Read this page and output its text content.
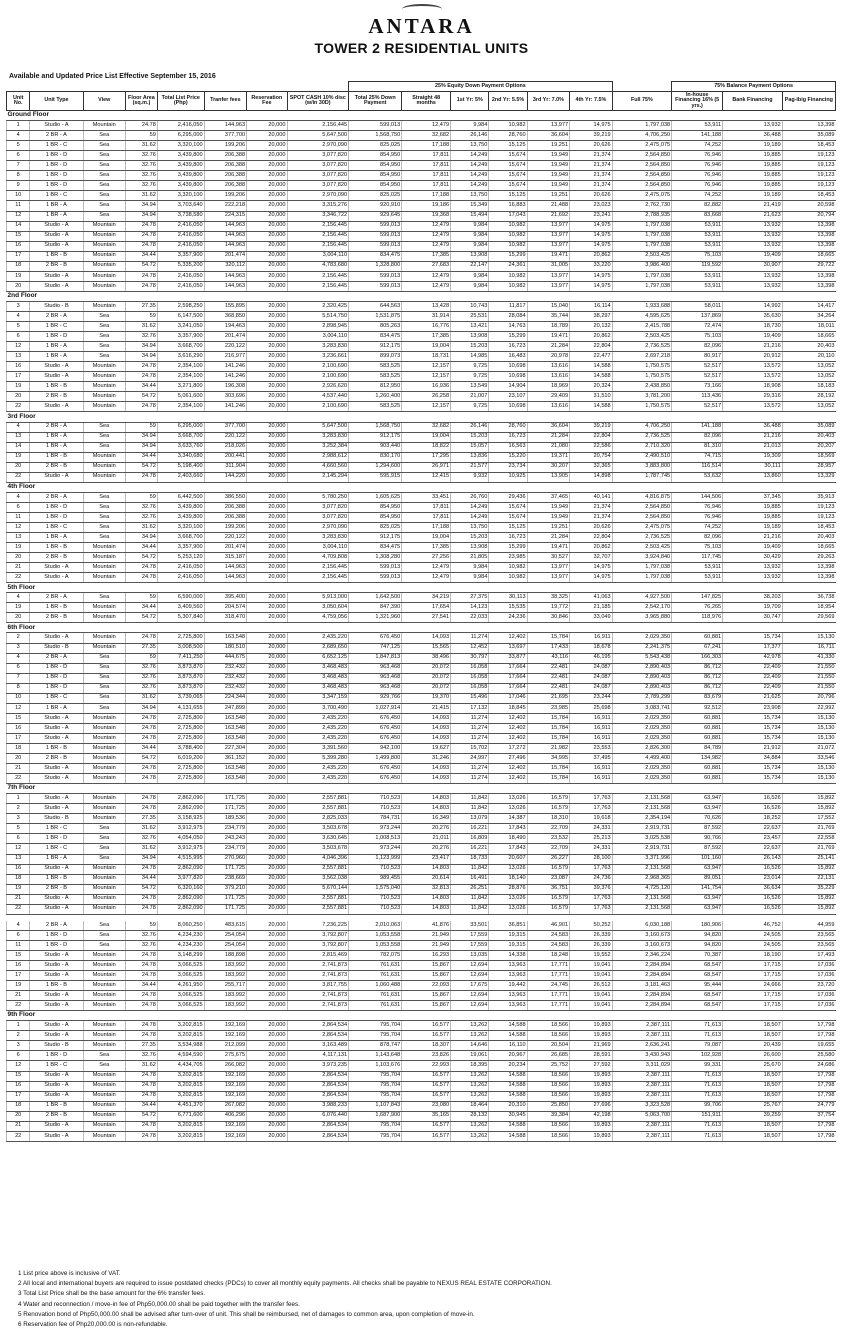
ANTARA
TOWER 2 RESIDENTIAL UNITS
Available and Updated Price List Effective September 15, 2016
								25% Equity Down Payment Options							75% Balance Payment Options		
Unit No.	Unit Type	View	Floor Area (sq.m.)	Total List Price (Php)	Tranfer fees	Reservation Fee	SPOT CASH 10% disc (w/in 30D)	Total 25% Down Payment	Straight 48 months	1st Yr: 5%	2nd Yr: 5.5%	3rd Yr: 7.0%	4th Yr: 7.5%	Full 75%	In-house Financing 16% (5 yrs.)	Bank Financing	Pag-ibig Financing
Ground Floor																	
1	Studio - A	Mountain	24.78	2,416,050	144,963	20,000	2,156,445	599,013	12,479	9,984	10,982	13,977	14,975	1,797,038	53,911	13,932	13,398
4	2 BR - A	Sea	59	6,295,000	377,700	20,000	5,647,500	1,568,750	32,682	26,146	28,760	36,604	39,219	4,706,250	141,188	36,488	35,089
5	1 BR - C	Sea	31.62	3,320,100	199,206	20,000	2,970,090	825,025	17,188	13,750	15,125	19,251	20,626	2,475,075	74,252	19,189	18,453
6	1 BR - D	Sea	32.76	3,439,800	206,388	20,000	3,077,820	854,950	17,811	14,249	15,674	19,949	21,374	2,564,850	76,946	19,885	19,123
7	1 BR - D	Sea	32.76	3,439,800	206,388	20,000	3,077,820	854,950	17,811	14,249	15,674	19,949	21,374	2,564,850	76,946	19,885	19,123
8	1 BR - D	Sea	32.76	3,439,800	206,388	20,000	3,077,820	854,950	17,811	14,249	15,674	19,949	21,374	2,564,850	76,946	19,885	19,123
9	1 BR - D	Sea	32.76	3,439,800	206,388	20,000	3,077,820	854,950	17,811	14,249	15,674	19,949	21,374	2,564,850	76,946	19,885	19,123
10	1 BR - C	Sea	31.62	3,320,100	199,206	20,000	2,970,090	825,025	17,188	13,750	15,125	19,251	20,626	2,475,075	74,252	19,189	18,453
11	1 BR - A	Sea	34.94	3,703,640	222,218	20,000	3,315,276	920,910	19,186	15,349	16,883	21,488	23,023	2,762,730	82,882	21,419	20,598
12	1 BR - A	Sea	34.94	3,738,580	224,315	20,000	3,346,722	929,645	19,368	15,494	17,043	21,692	23,241	2,788,935	83,668	21,623	20,794
14	Studio - A	Mountain	24.78	2,416,050	144,963	20,000	2,156,445	599,013	12,479	9,984	10,982	13,977	14,975	1,797,038	53,911	13,932	13,398
15	Studio - A	Mountain	24.78	2,416,050	144,963	20,000	2,156,445	599,013	12,479	9,984	10,982	13,977	14,975	1,797,038	53,911	13,932	13,398
16	Studio - A	Mountain	24.78	2,416,050	144,963	20,000	2,156,445	599,013	12,479	9,984	10,982	13,977	14,975	1,797,038	53,911	13,932	13,398
17	1 BR - B	Mountain	34.44	3,357,900	201,474	20,000	3,004,110	834,475	17,385	13,908	15,299	19,471	20,862	2,503,425	75,103	19,409	18,665
18	2 BR - B	Mountain	54.72	5,335,200	320,112	20,000	4,783,680	1,328,800	27,683	22,147	24,361	31,005	33,220	3,986,400	119,592	30,907	29,722
19	Studio - A	Mountain	24.78	2,416,050	144,963	20,000	2,156,445	599,013	12,479	9,984	10,982	13,977	14,975	1,797,038	53,911	13,932	13,398
20	Studio - A	Mountain	24.78	2,416,050	144,963	20,000	2,156,445	599,013	12,479	9,984	10,982	13,977	14,975	1,797,038	53,911	13,932	13,398
2nd Floor																	
3	Studio - B	Mountain	27.35	2,598,250	155,895	20,000	2,320,425	644,563	13,428	10,743	11,817	15,040	16,114	1,933,688	58,011	14,992	14,417
4	2 BR - A	Sea	59	6,147,500	368,850	20,000	5,514,750	1,531,875	31,914	25,531	28,084	35,744	38,297	4,595,625	137,869	35,630	34,264
5	1 BR - C	Sea	31.62	3,241,050	194,463	20,000	2,898,945	805,263	16,776	13,421	14,763	18,789	20,132	2,415,788	72,474	18,730	18,011
6	1 BR - D	Sea	32.76	3,357,900	201,474	20,000	3,004,110	834,475	17,385	13,908	15,299	19,471	20,862	2,503,425	75,103	19,409	18,665
12	1 BR - A	Sea	34.94	3,668,700	220,122	20,000	3,283,830	912,175	19,004	15,203	16,723	21,284	22,804	2,736,525	82,096	21,216	20,403
13	1 BR - A	Sea	34.94	3,616,290	216,977	20,000	3,236,661	899,073	18,731	14,985	16,483	20,978	22,477	2,697,218	80,917	20,912	20,110
16	Studio - A	Mountain	24.78	2,354,100	141,246	20,000	2,100,690	583,525	12,157	9,725	10,698	13,616	14,588	1,750,575	52,517	13,572	13,052
17	Studio - A	Mountain	24.78	2,354,100	141,246	20,000	2,100,690	583,525	12,157	9,725	10,698	13,616	14,588	1,750,575	52,517	13,572	13,052
19	1 BR - B	Mountain	34.44	3,271,800	196,308	20,000	2,926,620	812,950	16,936	13,549	14,904	18,969	20,324	2,438,850	73,166	18,908	18,183
20	2 BR - B	Mountain	54.72	5,061,600	303,696	20,000	4,537,440	1,260,400	26,258	21,007	23,107	29,409	31,510	3,781,200	113,436	29,316	28,192
22	Studio - A	Mountain	24.78	2,354,100	141,246	20,000	2,100,690	583,525	12,157	9,725	10,698	13,616	14,588	1,750,575	52,517	13,572	13,052
3rd Floor																	
4	2 BR - A	Sea	59	6,295,000	377,700	20,000	5,647,500	1,568,750	32,682	26,146	28,760	36,604	39,219	4,706,250	141,188	36,488	35,089
13	1 BR - A	Sea	34.94	3,668,700	220,122	20,000	3,283,830	912,175	19,004	15,203	16,723	21,284	22,804	2,736,525	82,096	21,216	20,403
14	1 BR - A	Sea	34.94	3,633,760	218,026	20,000	3,252,384	903,440	18,822	15,057	16,563	21,080	22,586	2,710,320	81,310	21,013	20,207
19	1 BR - B	Mountain	34.44	3,340,680	200,441	20,000	2,988,612	830,170	17,295	13,836	15,220	19,371	20,754	2,490,510	74,715	19,309	18,569
20	2 BR - B	Mountain	54.72	5,198,400	311,904	20,000	4,660,560	1,294,600	26,971	21,577	23,734	30,207	32,365	3,883,800	116,514	30,111	28,957
22	Studio - A	Mountain	24.78	2,403,660	144,220	20,000	2,145,294	595,915	12,415	9,932	10,925	13,905	14,898	1,787,745	53,632	13,860	13,329
4th Floor																	
4	2 BR - A	Sea	59	6,442,500	386,550	20,000	5,780,250	1,605,625	33,451	26,760	29,436	37,465	40,141	4,816,875	144,506	37,345	35,913
6	1 BR - D	Sea	32.76	3,439,800	206,388	20,000	3,077,820	854,950	17,811	14,249	15,674	19,949	21,374	2,564,850	76,946	19,885	19,123
11	1 BR - D	Sea	32.76	3,439,800	206,388	20,000	3,077,820	854,950	17,811	14,249	15,674	19,949	21,374	2,564,850	76,946	19,885	19,123
12	1 BR - C	Sea	31.62	3,320,100	199,206	20,000	2,970,090	825,025	17,188	13,750	15,125	19,251	20,626	2,475,075	74,252	19,189	18,453
13	1 BR - A	Sea	34.94	3,668,700	220,122	20,000	3,283,830	912,175	19,004	15,203	16,723	21,284	22,804	2,736,525	82,096	21,216	20,403
19	1 BR - B	Mountain	34.44	3,357,900	201,474	20,000	3,004,110	834,475	17,385	13,908	15,299	19,471	20,862	2,503,425	75,103	19,409	18,665
20	2 BR - B	Mountain	54.72	5,253,120	315,187	20,000	4,709,808	1,308,280	27,256	21,805	23,985	30,527	32,707	3,924,840	117,745	30,429	29,263
21	Studio - A	Mountain	24.78	2,416,050	144,963	20,000	2,156,445	599,013	12,479	9,984	10,982	13,977	14,975	1,797,038	53,911	13,932	13,398
22	Studio - A	Mountain	24.78	2,416,050	144,963	20,000	2,156,445	599,013	12,479	9,984	10,982	13,977	14,975	1,797,038	53,911	13,932	13,398
5th Floor																	
4	2 BR - A	Sea	59	6,590,000	395,400	20,000	5,913,000	1,642,500	34,219	27,375	30,113	38,325	41,063	4,927,500	147,825	38,203	36,738
19	1 BR - B	Mountain	34.44	3,409,560	204,574	20,000	3,050,604	847,390	17,654	14,123	15,535	19,772	21,185	2,542,170	76,265	19,709	18,954
20	2 BR - B	Mountain	54.72	5,307,840	318,470	20,000	4,759,056	1,321,960	27,541	22,033	24,236	30,846	33,049	3,965,880	118,976	30,747	29,569
6th Floor																	
2	Studio - A	Mountain	24.78	2,725,800	163,548	20,000	2,435,220	676,450	14,093	11,274	12,402	15,784	16,911	2,029,350	60,881	15,734	15,130
3	Studio - B	Mountain	27.35	3,008,500	180,510	20,000	2,689,650	747,125	15,565	12,452	13,697	17,433	18,678	2,241,375	67,241	17,377	16,711
4	2 BR - A	Sea	59	7,411,250	444,675	20,000	6,652,125	1,847,813	38,496	30,797	33,877	43,116	46,195	5,543,438	166,303	42,978	41,330
6	1 BR - D	Sea	32.76	3,873,870	232,432	20,000	3,468,483	963,468	20,072	16,058	17,664	22,481	24,087	2,890,403	86,712	22,409	21,550
7	1 BR - D	Sea	32.76	3,873,870	232,432	20,000	3,468,483	963,468	20,072	16,058	17,664	22,481	24,087	2,890,403	86,712	22,409	21,550
8	1 BR - D	Sea	32.76	3,873,870	232,432	20,000	3,468,483	963,468	20,072	16,058	17,664	22,481	24,087	2,890,403	86,712	22,409	21,550
10	1 BR - C	Sea	31.62	3,739,065	224,344	20,000	3,347,159	929,766	19,370	15,496	17,046	21,695	23,244	2,789,299	83,679	21,625	20,796
12	1 BR - A	Sea	34.94	4,131,655	247,899	20,000	3,700,490	1,027,914	21,415	17,132	18,845	23,985	25,698	3,083,741	92,512	23,908	22,992
15	Studio - A	Mountain	24.78	2,725,800	163,548	20,000	2,435,220	676,450	14,093	11,274	12,402	15,784	16,911	2,029,350	60,881	15,734	15,130
16	Studio - A	Mountain	24.78	2,725,800	163,548	20,000	2,435,220	676,450	14,093	11,274	12,402	15,784	16,911	2,029,350	60,881	15,734	15,130
17	Studio - A	Mountain	24.78	2,725,800	163,548	20,000	2,435,220	676,450	14,093	11,274	12,402	15,784	16,911	2,029,350	60,881	15,734	15,130
18	1 BR - B	Mountain	34.44	3,788,400	227,304	20,000	3,391,560	942,100	19,627	15,702	17,272	21,982	23,553	2,826,300	84,789	21,912	21,072
20	2 BR - B	Mountain	54.72	6,019,200	361,152	20,000	5,399,280	1,499,800	31,246	24,997	27,496	34,995	37,495	4,499,400	134,982	34,884	33,546
21	Studio - A	Mountain	24.78	2,725,800	163,548	20,000	2,435,220	676,450	14,093	11,274	12,402	15,784	16,911	2,029,350	60,881	15,734	15,130
22	Studio - A	Mountain	24.78	2,725,800	163,548	20,000	2,435,220	676,450	14,093	11,274	12,402	15,784	16,911	2,029,350	60,881	15,734	15,130
7th Floor																	
1	Studio - A	Mountain	24.78	2,862,090	171,725	20,000	2,557,881	710,523	14,803	11,842	13,026	16,579	17,763	2,131,568	63,947	16,526	15,892
2	Studio - A	Mountain	24.78	2,862,090	171,725	20,000	2,557,881	710,523	14,803	11,842	13,026	16,579	17,763	2,131,568	63,947	16,526	15,892
3	Studio - B	Mountain	27.35	3,158,925	189,536	20,000	2,825,033	784,731	16,349	13,079	14,387	18,310	19,618	2,354,194	70,626	18,252	17,552
5	1 BR - C	Sea	31.62	3,912,975	234,779	20,000	3,503,678	973,244	20,276	16,221	17,843	22,709	24,331	2,919,731	87,592	22,637	21,769
6	1 BR - D	Sea	32.76	4,054,050	243,243	20,000	3,630,645	1,008,513	21,011	16,809	18,490	23,532	25,213	3,025,538	90,766	23,457	22,558
12	1 BR - C	Sea	31.62	3,912,975	234,779	20,000	3,503,678	973,244	20,276	16,221	17,843	22,709	24,331	2,919,731	87,592	22,637	21,769
13	1 BR - A	Sea	34.94	4,515,995	270,960	20,000	4,046,396	1,123,999	23,417	18,733	20,607	26,227	28,100	3,371,996	101,160	26,143	25,141
16	Studio - A	Mountain	24.78	2,862,090	171,725	20,000	2,557,881	710,523	14,803	11,842	13,026	16,579	17,763	2,131,568	63,947	16,526	15,892
18	1 BR - B	Mountain	34.44	3,977,820	238,669	20,000	3,562,038	989,455	20,614	16,491	18,140	23,087	24,736	2,968,365	89,051	23,014	22,131
19	2 BR - B	Mountain	54.72	6,320,160	379,210	20,000	5,670,144	1,575,040	32,813	26,251	28,876	36,751	39,376	4,725,120	141,754	36,634	35,229
21	Studio - A	Mountain	24.78	2,862,090	171,725	20,000	2,557,881	710,523	14,803	11,842	13,026	16,579	17,763	2,131,568	63,947	16,526	15,892
22	Studio - A	Mountain	24.78	2,862,090	171,725	20,000	2,557,881	710,523	14,803	11,842	13,026	16,579	17,763	2,131,568	63,947	16,526	15,892

4	2 BR - A	Sea	59	8,060,250	483,615	20,000	7,236,225	2,010,063	41,876	33,501	36,851	46,901	50,252	6,030,188	180,906	46,752	44,959
6	1 BR - D	Sea	32.76	4,234,230	254,054	20,000	3,792,807	1,053,558	21,949	17,559	19,315	24,583	26,339	3,160,673	94,820	24,505	23,565
11	1 BR - D	Sea	32.76	4,234,230	254,054	20,000	3,792,807	1,053,558	21,949	17,559	19,315	24,583	26,339	3,160,673	94,820	24,505	23,565
15	Studio - A	Mountain	24.78	3,148,299	188,898	20,000	2,815,469	782,075	16,293	13,035	14,338	18,248	19,552	2,346,224	70,387	18,190	17,493
16	Studio - A	Mountain	24.78	3,066,525	183,992	20,000	2,741,873	761,631	15,867	12,694	13,963	17,771	19,041	2,284,894	68,547	17,715	17,036
17	Studio - A	Mountain	24.78	3,066,525	183,992	20,000	2,741,873	761,631	15,867	12,694	13,963	17,771	19,041	2,284,894	68,547	17,715	17,036
19	1 BR - B	Mountain	34.44	4,261,950	255,717	20,000	3,817,755	1,060,488	22,093	17,675	19,442	24,745	26,512	3,181,463	95,444	24,666	23,720
21	Studio - A	Mountain	24.78	3,066,525	183,992	20,000	2,741,873	761,631	15,867	12,694	13,963	17,771	19,041	2,284,894	68,547	17,715	17,036
22	Studio - A	Mountain	24.78	3,066,525	183,992	20,000	2,741,873	761,631	15,867	12,694	13,963	17,771	19,041	2,284,894	68,547	17,715	17,036
9th Floor																	
1	Studio - A	Mountain	24.78	3,202,815	192,169	20,000	2,864,534	795,704	16,577	13,262	14,588	18,566	19,893	2,387,111	71,613	18,507	17,798
2	Studio - A	Mountain	24.78	3,202,815	192,169	20,000	2,864,534	795,704	16,577	13,262	14,588	18,566	19,893	2,387,111	71,613	18,507	17,798
3	Studio - B	Mountain	27.35	3,534,988	212,099	20,000	3,163,489	878,747	18,307	14,646	16,110	20,504	21,969	2,636,241	79,087	20,439	19,655
6	1 BR - D	Sea	32.76	4,594,590	275,675	20,000	4,117,131	1,143,648	23,826	19,061	20,967	26,685	28,591	3,430,943	102,928	26,600	25,580
12	1 BR - C	Sea	31.62	4,434,705	266,082	20,000	3,973,235	1,103,676	22,993	18,395	20,234	25,752	27,592	3,311,029	99,331	25,670	24,686
15	Studio - A	Mountain	24.78	3,202,815	192,169	20,000	2,864,534	795,704	16,577	13,262	14,588	18,566	19,893	2,387,111	71,613	18,507	17,798
16	Studio - A	Mountain	24.78	3,202,815	192,169	20,000	2,864,534	795,704	16,577	13,262	14,588	18,566	19,893	2,387,111	71,613	18,507	17,798
17	Studio - A	Mountain	24.78	3,202,815	192,169	20,000	2,864,534	795,704	16,577	13,262	14,588	18,566	19,893	2,387,111	71,613	18,507	17,798
18	1 BR - B	Mountain	34.44	4,451,370	267,082	20,000	3,988,233	1,107,843	23,080	18,464	20,310	25,850	27,696	3,323,528	99,706	25,767	24,779
20	2 BR - B	Mountain	54.72	6,771,600	406,296	20,000	6,076,440	1,687,900	35,165	28,132	30,945	39,384	42,198	5,063,700	151,911	39,259	37,754
21	Studio - A	Mountain	24.78	3,202,815	192,169	20,000	2,864,534	795,704	16,577	13,262	14,588	18,566	19,893	2,387,111	71,613	18,507	17,798
22	Studio - A	Mountain	24.78	3,202,815	192,169	20,000	2,864,534	795,704	16,577	13,262	14,588	18,566	19,893	2,387,111	71,613	18,507	17,798
1 List price above is inclusive of VAT.
2 All local and international buyers are required to issue postdated checks (PDCs) to cover all monthly equity payments. All checks shall be payable to NEXUS REAL ESTATE CORPORATION.
3 Total List Price shall be the base amount for the 6% transfer fees.
4 Water and reconnection / move-in fee of Php50,000.00 shall be paid together with the transfer fees.
5 Renovation bond of Php50,000.00 shall be advised after turn-over of unit. This shall be reimbursed, net of damages to common area, upon completion of move-in.
6 Reservation fee of Php20,000.00 is non-refundable.
